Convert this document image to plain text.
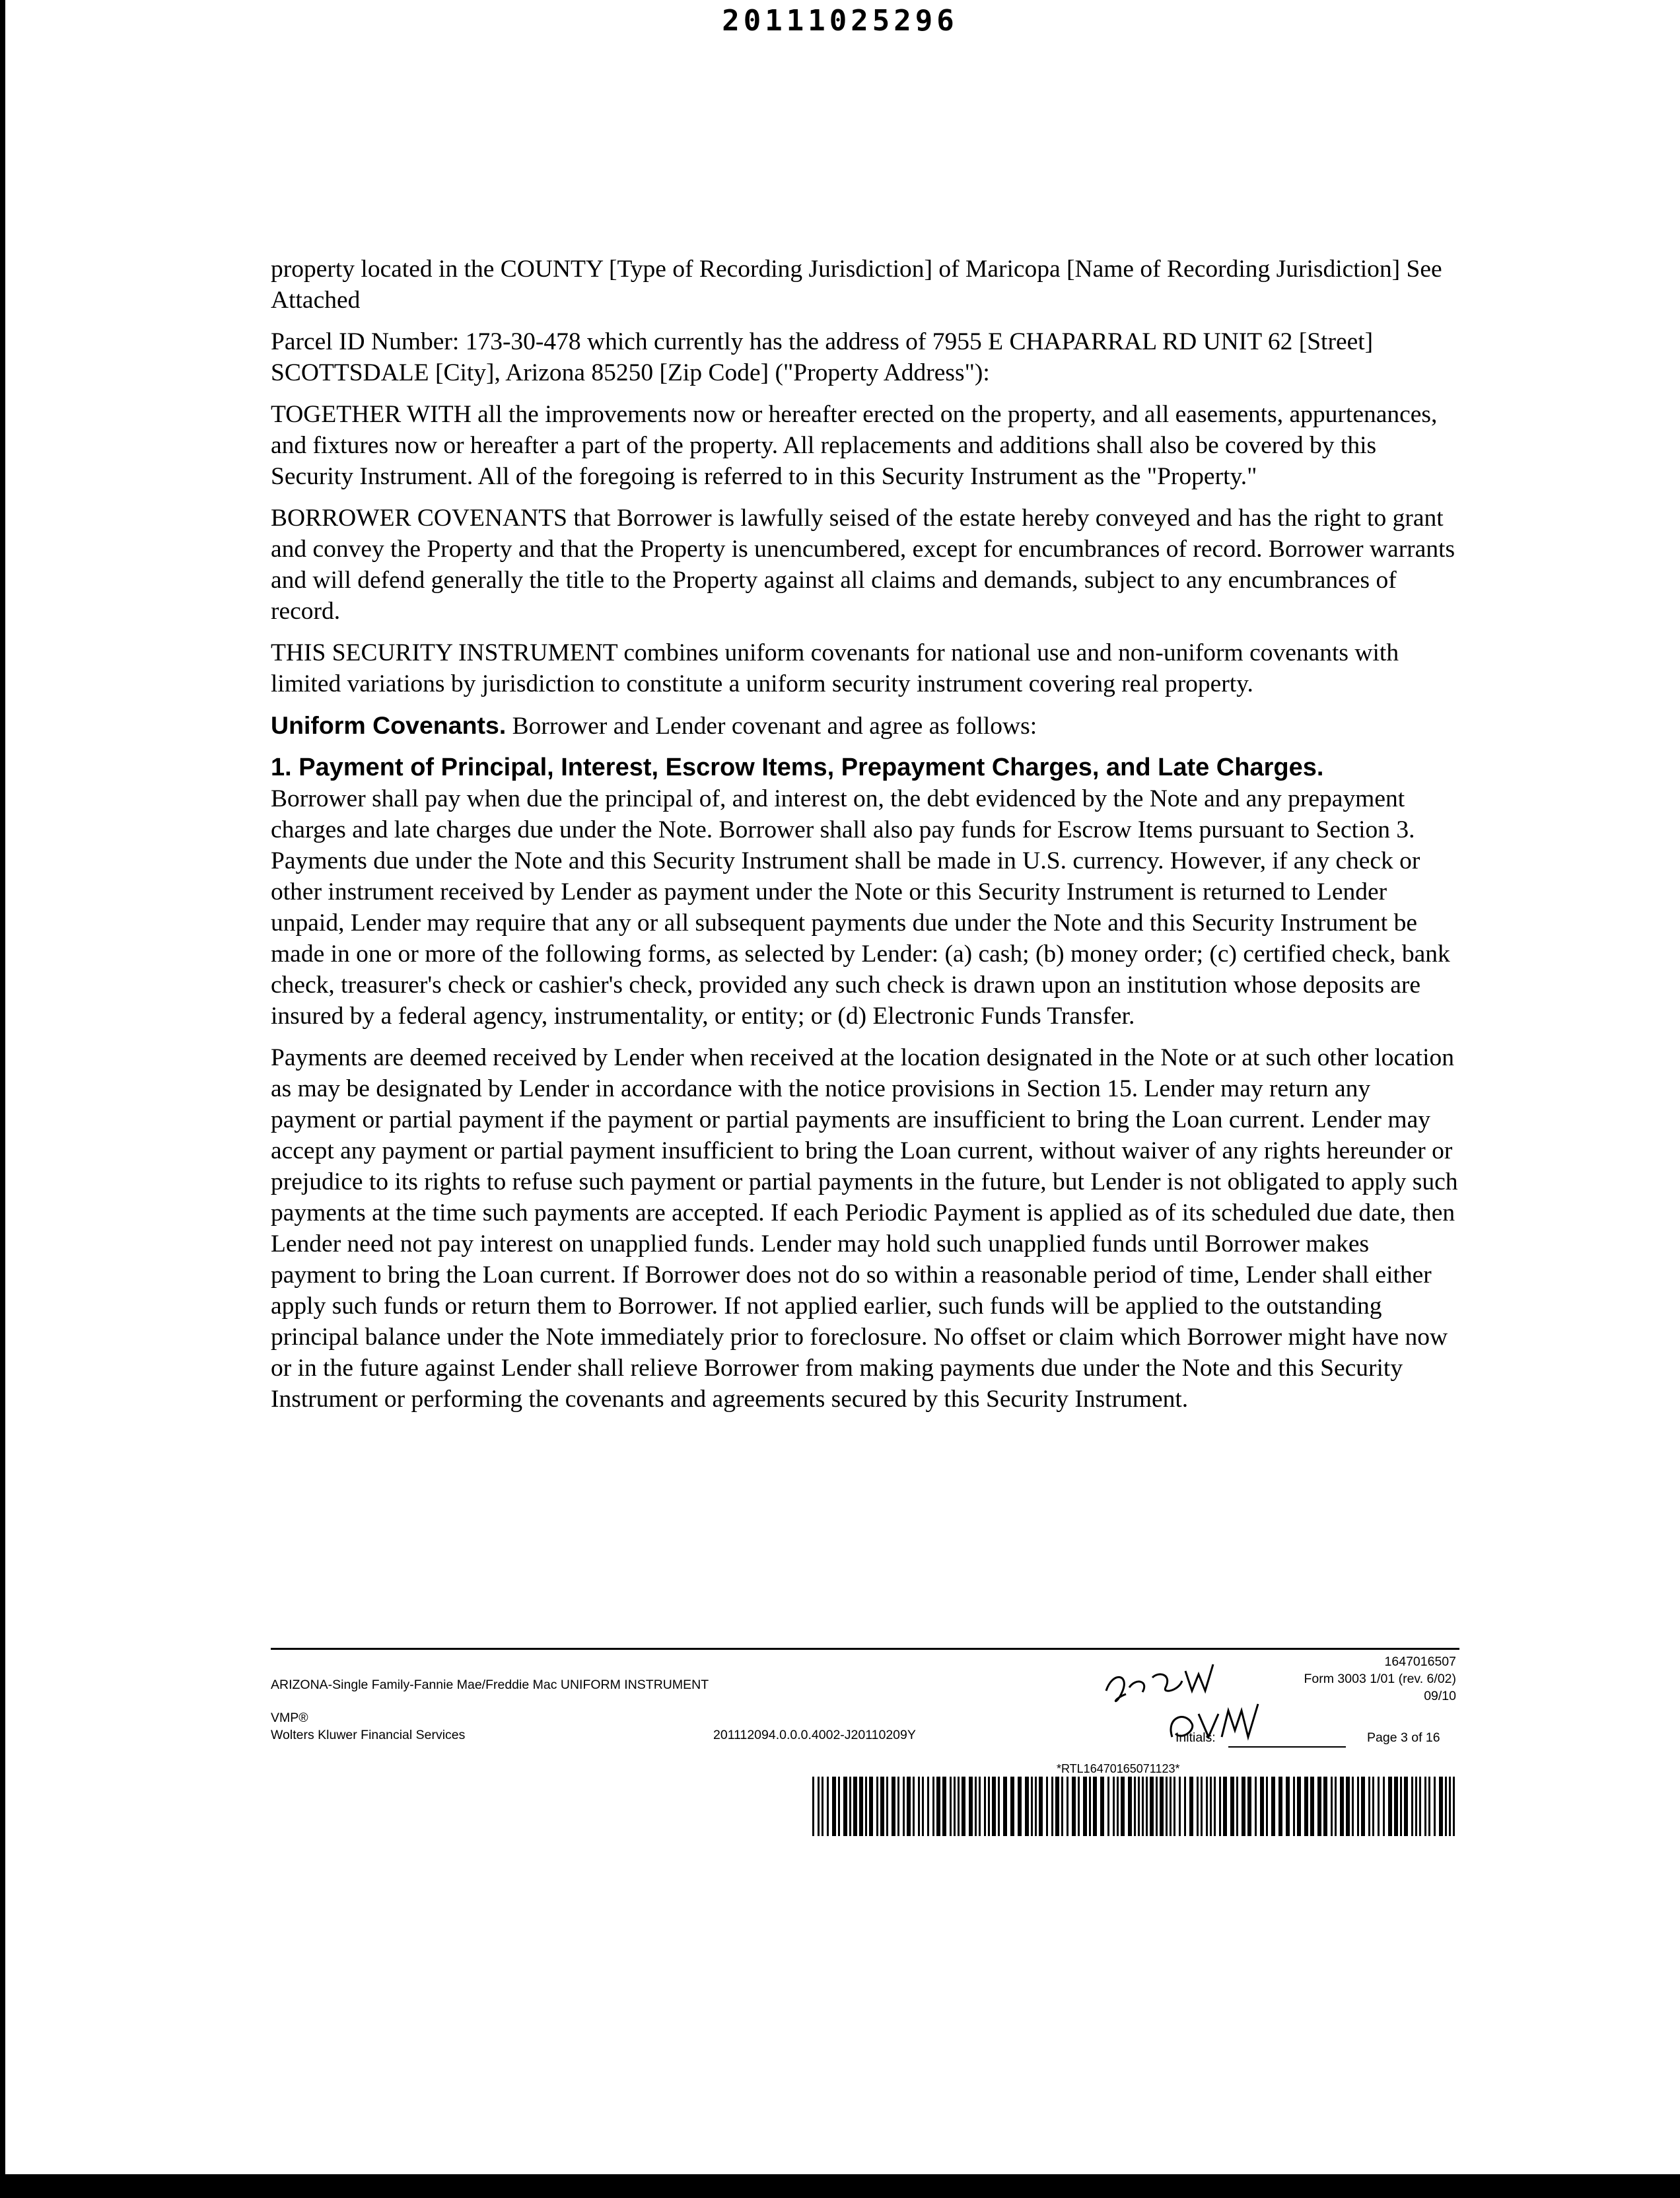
20111025296

property located in the COUNTY [Type of Recording Jurisdiction] of Maricopa [Name of Recording Jurisdiction] See Attached

Parcel ID Number: 173-30-478 which currently has the address of 7955 E CHAPARRAL RD UNIT 62 [Street] SCOTTSDALE [City], Arizona 85250 [Zip Code] ("Property Address"):

TOGETHER WITH all the improvements now or hereafter erected on the property, and all easements, appurtenances, and fixtures now or hereafter a part of the property. All replacements and additions shall also be covered by this Security Instrument. All of the foregoing is referred to in this Security Instrument as the "Property."

BORROWER COVENANTS that Borrower is lawfully seised of the estate hereby conveyed and has the right to grant and convey the Property and that the Property is unencumbered, except for encumbrances of record. Borrower warrants and will defend generally the title to the Property against all claims and demands, subject to any encumbrances of record.

THIS SECURITY INSTRUMENT combines uniform covenants for national use and non-uniform covenants with limited variations by jurisdiction to constitute a uniform security instrument covering real property.

Uniform Covenants. Borrower and Lender covenant and agree as follows:

1. Payment of Principal, Interest, Escrow Items, Prepayment Charges, and Late Charges.
Borrower shall pay when due the principal of, and interest on, the debt evidenced by the Note and any prepayment charges and late charges due under the Note. Borrower shall also pay funds for Escrow Items pursuant to Section 3. Payments due under the Note and this Security Instrument shall be made in U.S. currency. However, if any check or other instrument received by Lender as payment under the Note or this Security Instrument is returned to Lender unpaid, Lender may require that any or all subsequent payments due under the Note and this Security Instrument be made in one or more of the following forms, as selected by Lender: (a) cash; (b) money order; (c) certified check, bank check, treasurer's check or cashier's check, provided any such check is drawn upon an institution whose deposits are insured by a federal agency, instrumentality, or entity; or (d) Electronic Funds Transfer.

Payments are deemed received by Lender when received at the location designated in the Note or at such other location as may be designated by Lender in accordance with the notice provisions in Section 15. Lender may return any payment or partial payment if the payment or partial payments are insufficient to bring the Loan current. Lender may accept any payment or partial payment insufficient to bring the Loan current, without waiver of any rights hereunder or prejudice to its rights to refuse such payment or partial payments in the future, but Lender is not obligated to apply such payments at the time such payments are accepted. If each Periodic Payment is applied as of its scheduled due date, then Lender need not pay interest on unapplied funds. Lender may hold such unapplied funds until Borrower makes payment to bring the Loan current. If Borrower does not do so within a reasonable period of time, Lender shall either apply such funds or return them to Borrower. If not applied earlier, such funds will be applied to the outstanding principal balance under the Note immediately prior to foreclosure. No offset or claim which Borrower might have now or in the future against Lender shall relieve Borrower from making payments due under the Note and this Security Instrument or performing the covenants and agreements secured by this Security Instrument.

ARIZONA-Single Family-Fannie Mae/Freddie Mac UNIFORM INSTRUMENT
VMP®
Wolters Kluwer Financial Services	201112094.0.0.0.4002-J20110209Y
1647016507
Form 3003 1/01 (rev. 6/02)
09/10
Initials:	Page 3 of 16
*RTL16470165071123*
